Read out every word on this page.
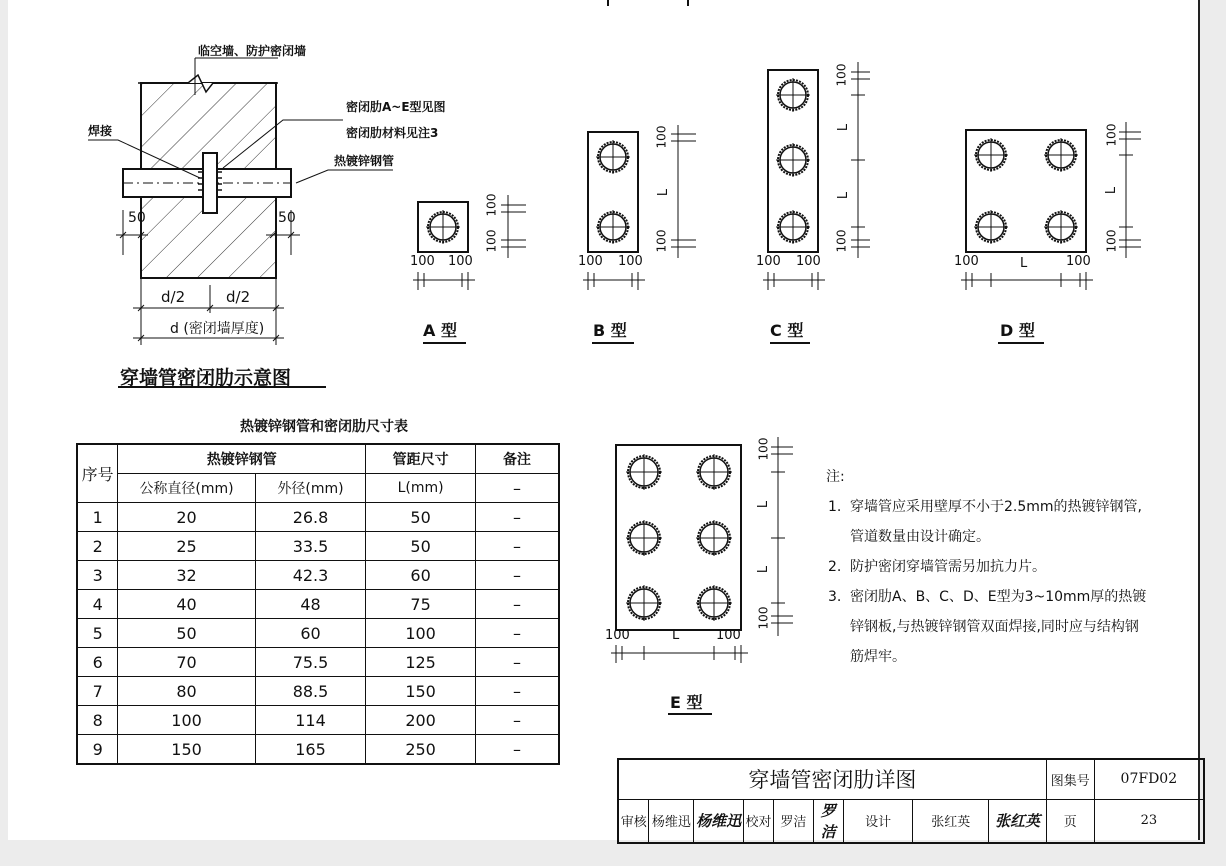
临空墙、防护密闭墙
密闭肋A~E型见图
密闭肋材料见注3
焊接
热镀锌钢管
50	50
d/2	d/2
d (密闭墙厚度)
穿墙管密闭肋示意图
A 型	B 型	C 型	D 型
E 型
100 100
100
100
100 100
100
L
100
100 100
100
L
L
100
100	L	100
100
L
100
100	L	100
100
L
L
100
热镀锌钢管和密闭肋尺寸表
序号	热镀锌钢管		管距尺寸	备注
	公称直径(mm)	外径(mm)	L(mm)	–
1	20	26.8	50	–
2	25	33.5	50	–
3	32	42.3	60	–
4	40	48	75	–
5	50	60	100	–
6	70	75.5	125	–
7	80	88.5	150	–
8	100	114	200	–
9	150	165	250	–
注:
1. 穿墙管应采用壁厚不小于2.5mm的热镀锌钢管,
管道数量由设计确定。
2. 防护密闭穿墙管需另加抗力片。
3. 密闭肋A、B、C、D、E型为3~10mm厚的热镀
锌钢板,与热镀锌钢管双面焊接,同时应与结构钢
筋焊牢。
穿墙管密闭肋详图									图集号	07FD02
审核	杨维迅	杨维迅	校对	罗洁	罗洁	设计	张红英	张红英	页	23
